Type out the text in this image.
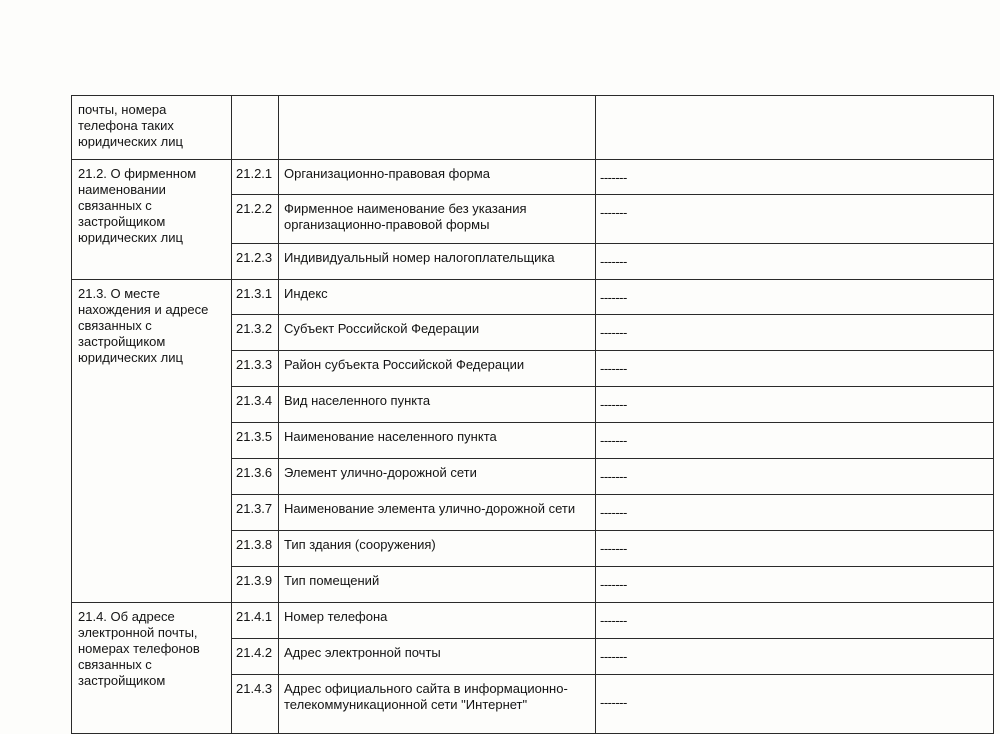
почты, номера телефона таких юридических лиц			
21.2. О фирменном наименовании связанных с застройщиком юридических лиц	21.2.1	Организационно-правовая форма	-------
	21.2.2	Фирменное наименование без указания организационно-правовой формы	-------
	21.2.3	Индивидуальный номер налогоплательщика	-------
21.3. О месте нахождения и адресе связанных с застройщиком юридических лиц	21.3.1	Индекс	-------
	21.3.2	Субъект Российской Федерации	-------
	21.3.3	Район субъекта Российской Федерации	-------
	21.3.4	Вид населенного пункта	-------
	21.3.5	Наименование населенного пункта	-------
	21.3.6	Элемент улично-дорожной сети	-------
	21.3.7	Наименование элемента улично-дорожной сети	-------
	21.3.8	Тип здания (сооружения)	-------
	21.3.9	Тип помещений	-------
21.4. Об адресе электронной почты, номерах телефонов связанных с застройщиком	21.4.1	Номер телефона	-------
	21.4.2	Адрес электронной почты	-------
	21.4.3	Адрес официального сайта в информационно-телекоммуникационной сети "Интернет"	-------
